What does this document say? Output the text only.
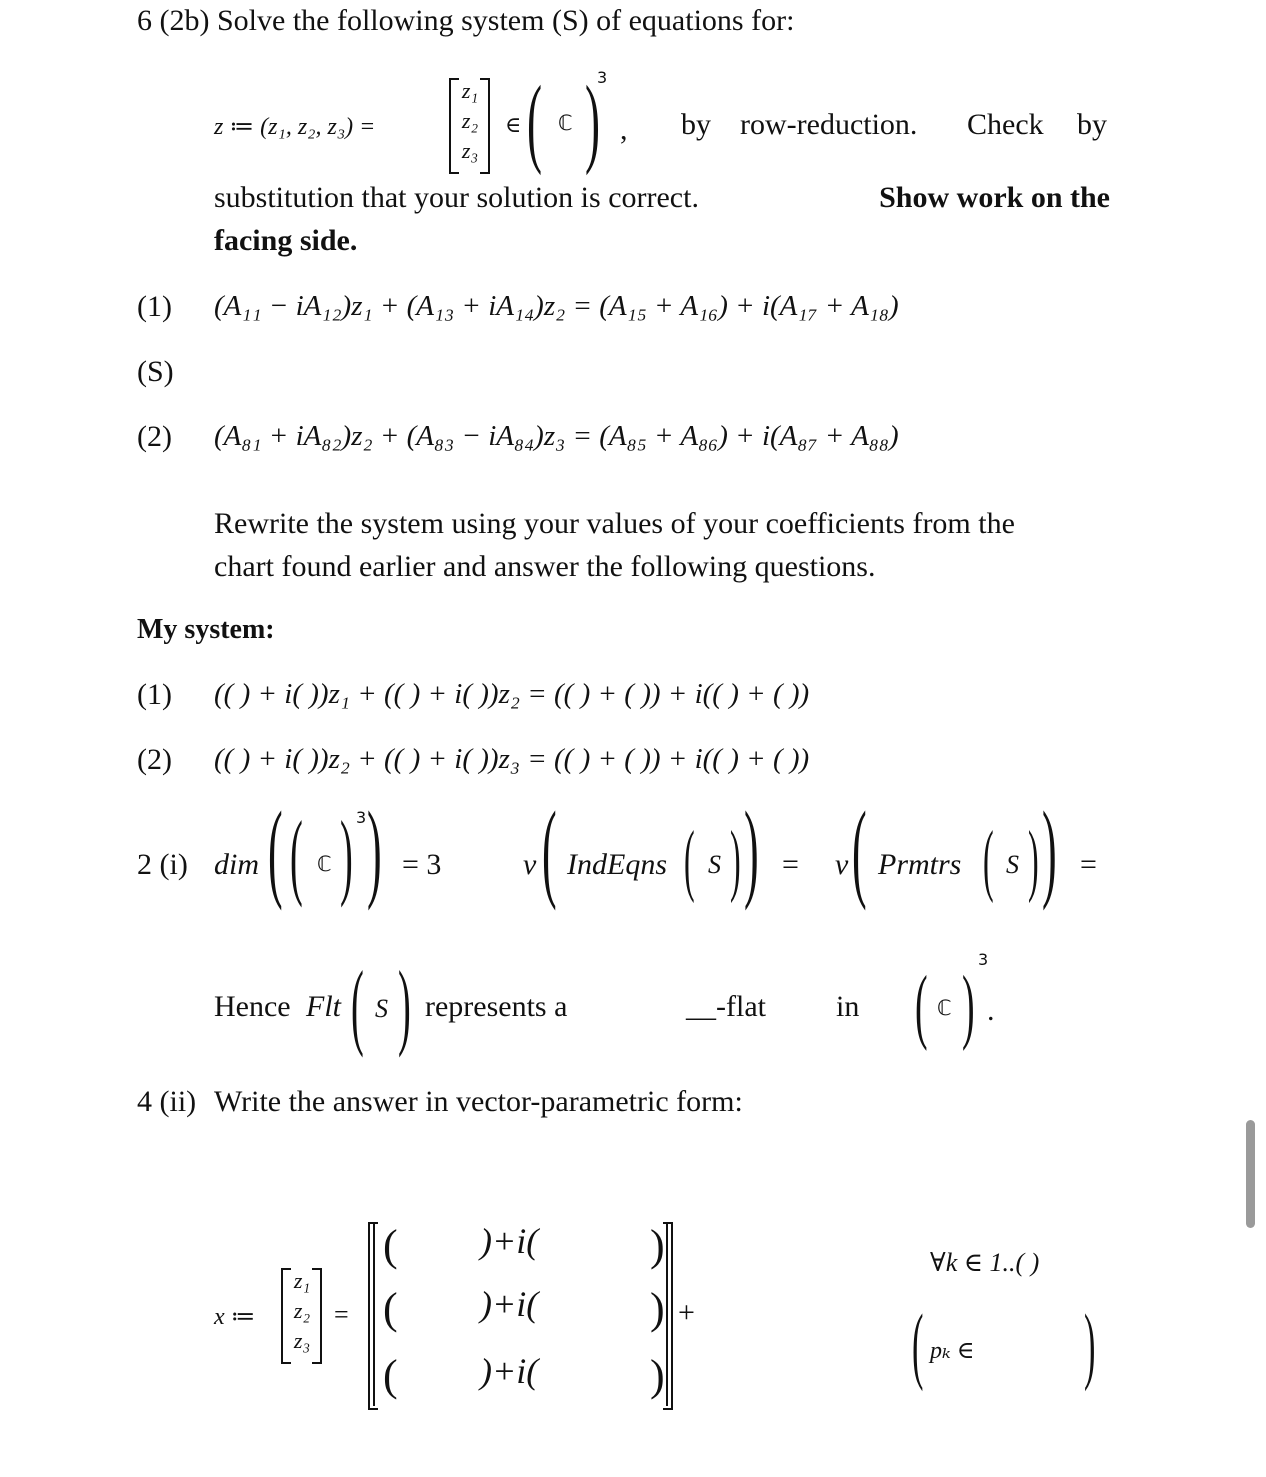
6 (2b) Solve the following system (S) of equations for:
z ≔ (z₁, z₂, z₃) =
z₁
z₂
z₃
∈ ( ℂ )
3
, by row-reduction. Check by
substitution that your solution is correct.	Show work on the
facing side.
(1) (A₁₁ − iA₁₂)z₁ + (A₁₃ + iA₁₄)z₂ = (A₁₅ + A₁₆) + i(A₁₇ + A₁₈)
(S)
(2) (A₈₁ + iA₈₂)z₂ + (A₈₃ − iA₈₄)z₃ = (A₈₅ + A₈₆) + i(A₈₇ + A₈₈)
Rewrite the system using your values of your coefficients from the
chart found earlier and answer the following questions.
My system:
(1) (( ) + i( ))z₁ + (( ) + i( ))z₂ = (( ) + ( )) + i(( ) + ( ))
(2) (( ) + i( ))z₂ + (( ) + i( ))z₃ = (( ) + ( )) + i(( ) + ( ))
2 (i) dim ( ( ℂ ) 3 ) = 3	ν ( IndEqns ( S ) ) = ν ( Prmtrs ( S ) ) =
Hence Flt ( S ) represents a	__-flat in ( ℂ ) 3
.
4 (ii) Write the answer in vector-parametric form:
x ≔
z₁
z₂
z₃
=
( )+i(	)
( )+i(	)
( )+i(	)
+
∀k ∈ 1..( )
( pₖ ∈ )
